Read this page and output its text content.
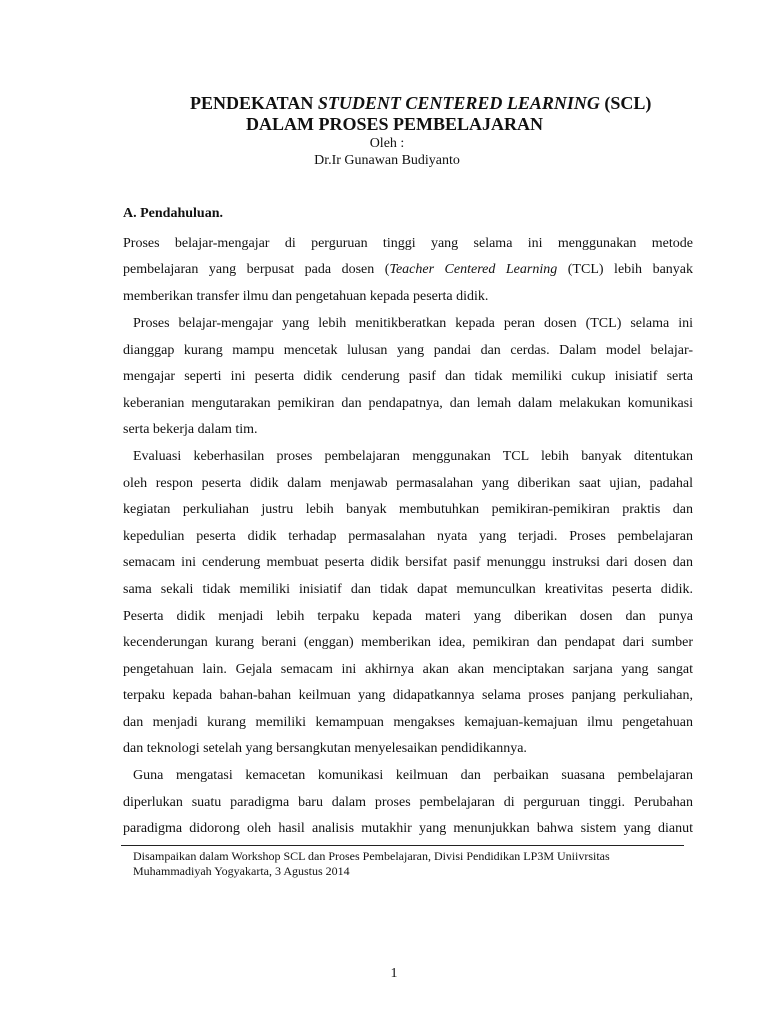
PENDEKATAN STUDENT CENTERED LEARNING (SCL)
DALAM PROSES PEMBELAJARAN
Oleh :
Dr.Ir Gunawan Budiyanto
A. Pendahuluan.
Proses belajar-mengajar di perguruan tinggi yang selama ini menggunakan metode
pembelajaran yang berpusat pada dosen (Teacher Centered Learning (TCL) lebih banyak
memberikan transfer ilmu dan pengetahuan kepada peserta didik.
Proses belajar-mengajar yang lebih menitikberatkan kepada peran dosen (TCL) selama ini
dianggap kurang mampu mencetak lulusan yang pandai dan cerdas. Dalam model belajar-
mengajar seperti ini peserta didik cenderung pasif dan tidak memiliki cukup inisiatif serta
keberanian mengutarakan pemikiran dan pendapatnya, dan lemah dalam melakukan komunikasi
serta bekerja dalam tim.
Evaluasi keberhasilan proses pembelajaran menggunakan TCL lebih banyak ditentukan
oleh respon peserta didik dalam menjawab permasalahan yang diberikan saat ujian, padahal
kegiatan perkuliahan justru lebih banyak membutuhkan pemikiran-pemikiran praktis dan
kepedulian peserta didik terhadap permasalahan nyata yang terjadi. Proses pembelajaran
semacam ini cenderung membuat peserta didik bersifat pasif menunggu instruksi dari dosen dan
sama sekali tidak memiliki inisiatif dan tidak dapat memunculkan kreativitas peserta didik.
Peserta didik menjadi lebih terpaku kepada materi yang diberikan dosen dan punya
kecenderungan kurang berani (enggan) memberikan idea, pemikiran dan pendapat dari sumber
pengetahuan lain. Gejala semacam ini akhirnya akan akan menciptakan sarjana yang sangat
terpaku kepada bahan-bahan keilmuan yang didapatkannya selama proses panjang perkuliahan,
dan menjadi kurang memiliki kemampuan mengakses kemajuan-kemajuan ilmu pengetahuan
dan teknologi setelah yang bersangkutan menyelesaikan pendidikannya.
Guna mengatasi kemacetan komunikasi keilmuan dan perbaikan suasana pembelajaran
diperlukan suatu paradigma baru dalam proses pembelajaran di perguruan tinggi. Perubahan
paradigma didorong oleh hasil analisis mutakhir yang menunjukkan bahwa sistem yang dianut
Disampaikan dalam Workshop SCL dan Proses Pembelajaran, Divisi Pendidikan LP3M Uniivrsitas
Muhammadiyah Yogyakarta, 3 Agustus 2014
1
